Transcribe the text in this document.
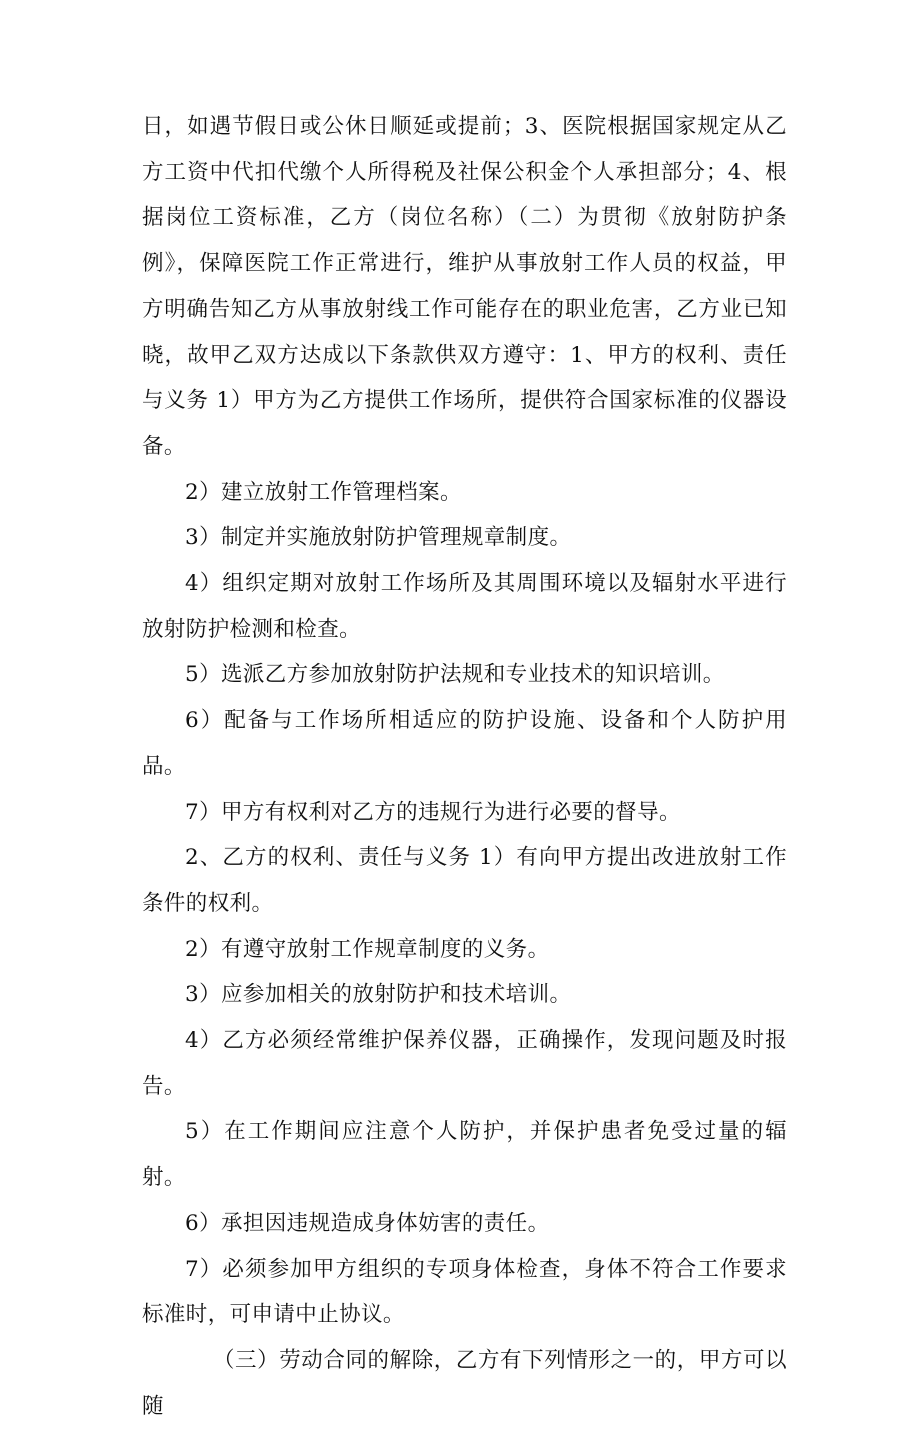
日，如遇节假日或公休日顺延或提前；3、医院根据国家规定从乙方工资中代扣代缴个人所得税及社保公积金个人承担部分；4、根据岗位工资标准，乙方（岗位名称）（二）为贯彻《放射防护条例》，保障医院工作正常进行，维护从事放射工作人员的权益，甲方明确告知乙方从事放射线工作可能存在的职业危害，乙方业已知晓，故甲乙双方达成以下条款供双方遵守：1、甲方的权利、责任与义务 1）甲方为乙方提供工作场所，提供符合国家标准的仪器设备。

2）建立放射工作管理档案。

3）制定并实施放射防护管理规章制度。

4）组织定期对放射工作场所及其周围环境以及辐射水平进行放射防护检测和检查。

5）选派乙方参加放射防护法规和专业技术的知识培训。

6）配备与工作场所相适应的防护设施、设备和个人防护用品。

7）甲方有权利对乙方的违规行为进行必要的督导。

2、乙方的权利、责任与义务 1）有向甲方提出改进放射工作条件的权利。

2）有遵守放射工作规章制度的义务。

3）应参加相关的放射防护和技术培训。

4）乙方必须经常维护保养仪器，正确操作，发现问题及时报告。

5）在工作期间应注意个人防护，并保护患者免受过量的辐射。

6）承担因违规造成身体妨害的责任。

7）必须参加甲方组织的专项身体检查，身体不符合工作要求标准时，可申请中止协议。

（三）劳动合同的解除，乙方有下列情形之一的，甲方可以随
